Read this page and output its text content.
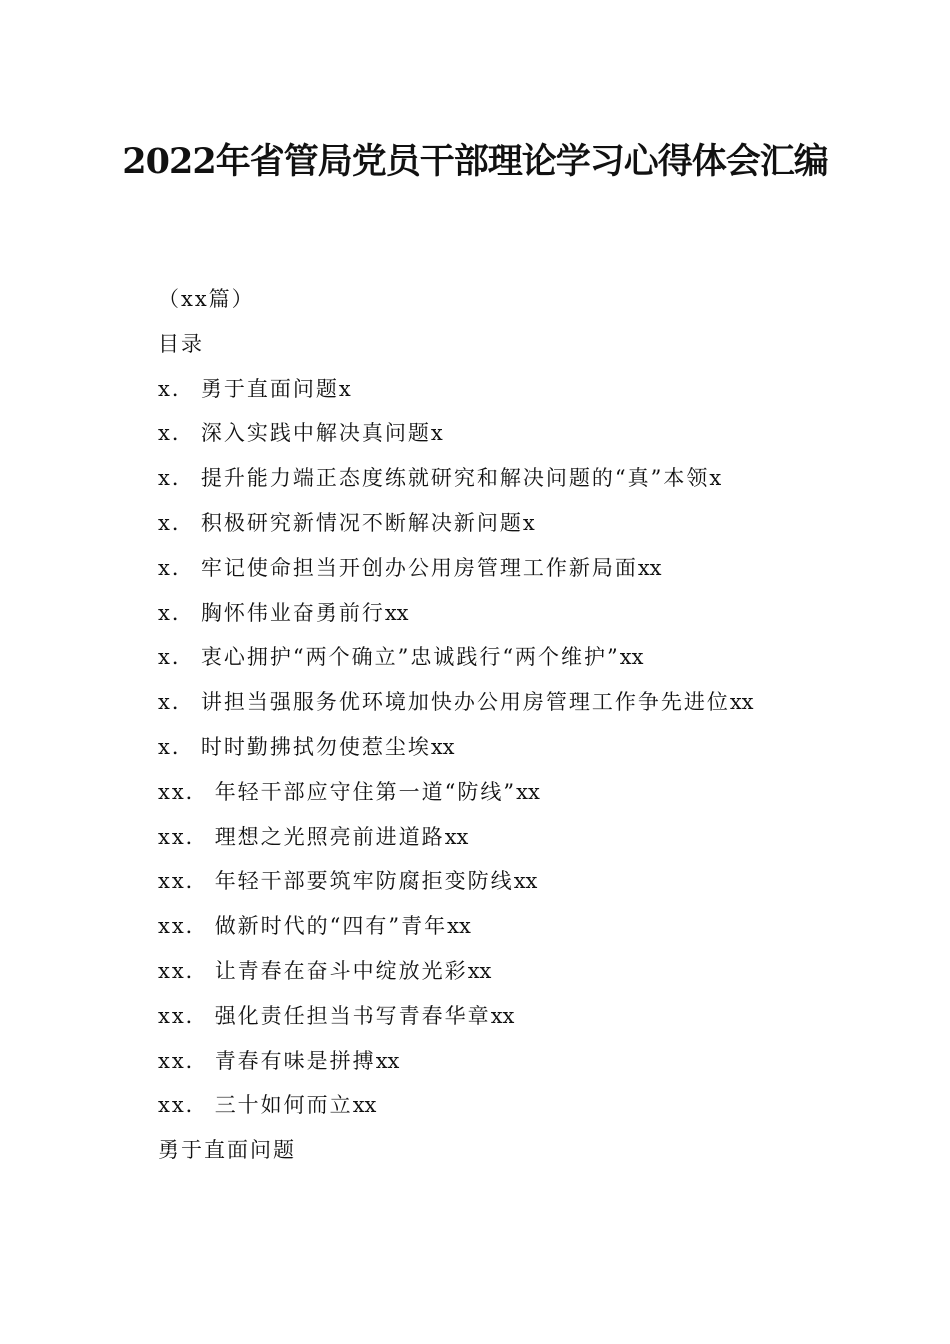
2022年省管局党员干部理论学习心得体会汇编
（xx篇）
目录
x． 勇于直面问题x
x． 深入实践中解决真问题x
x． 提升能力端正态度练就研究和解决问题的“真”本领x
x． 积极研究新情况不断解决新问题x
x． 牢记使命担当开创办公用房管理工作新局面xx
x． 胸怀伟业奋勇前行xx
x． 衷心拥护“两个确立”忠诚践行“两个维护”xx
x． 讲担当强服务优环境加快办公用房管理工作争先进位xx
x． 时时勤拂拭勿使惹尘埃xx
xx． 年轻干部应守住第一道“防线”xx
xx． 理想之光照亮前进道路xx
xx． 年轻干部要筑牢防腐拒变防线xx
xx． 做新时代的“四有”青年xx
xx． 让青春在奋斗中绽放光彩xx
xx． 强化责任担当书写青春华章xx
xx． 青春有味是拼搏xx
xx． 三十如何而立xx
勇于直面问题
